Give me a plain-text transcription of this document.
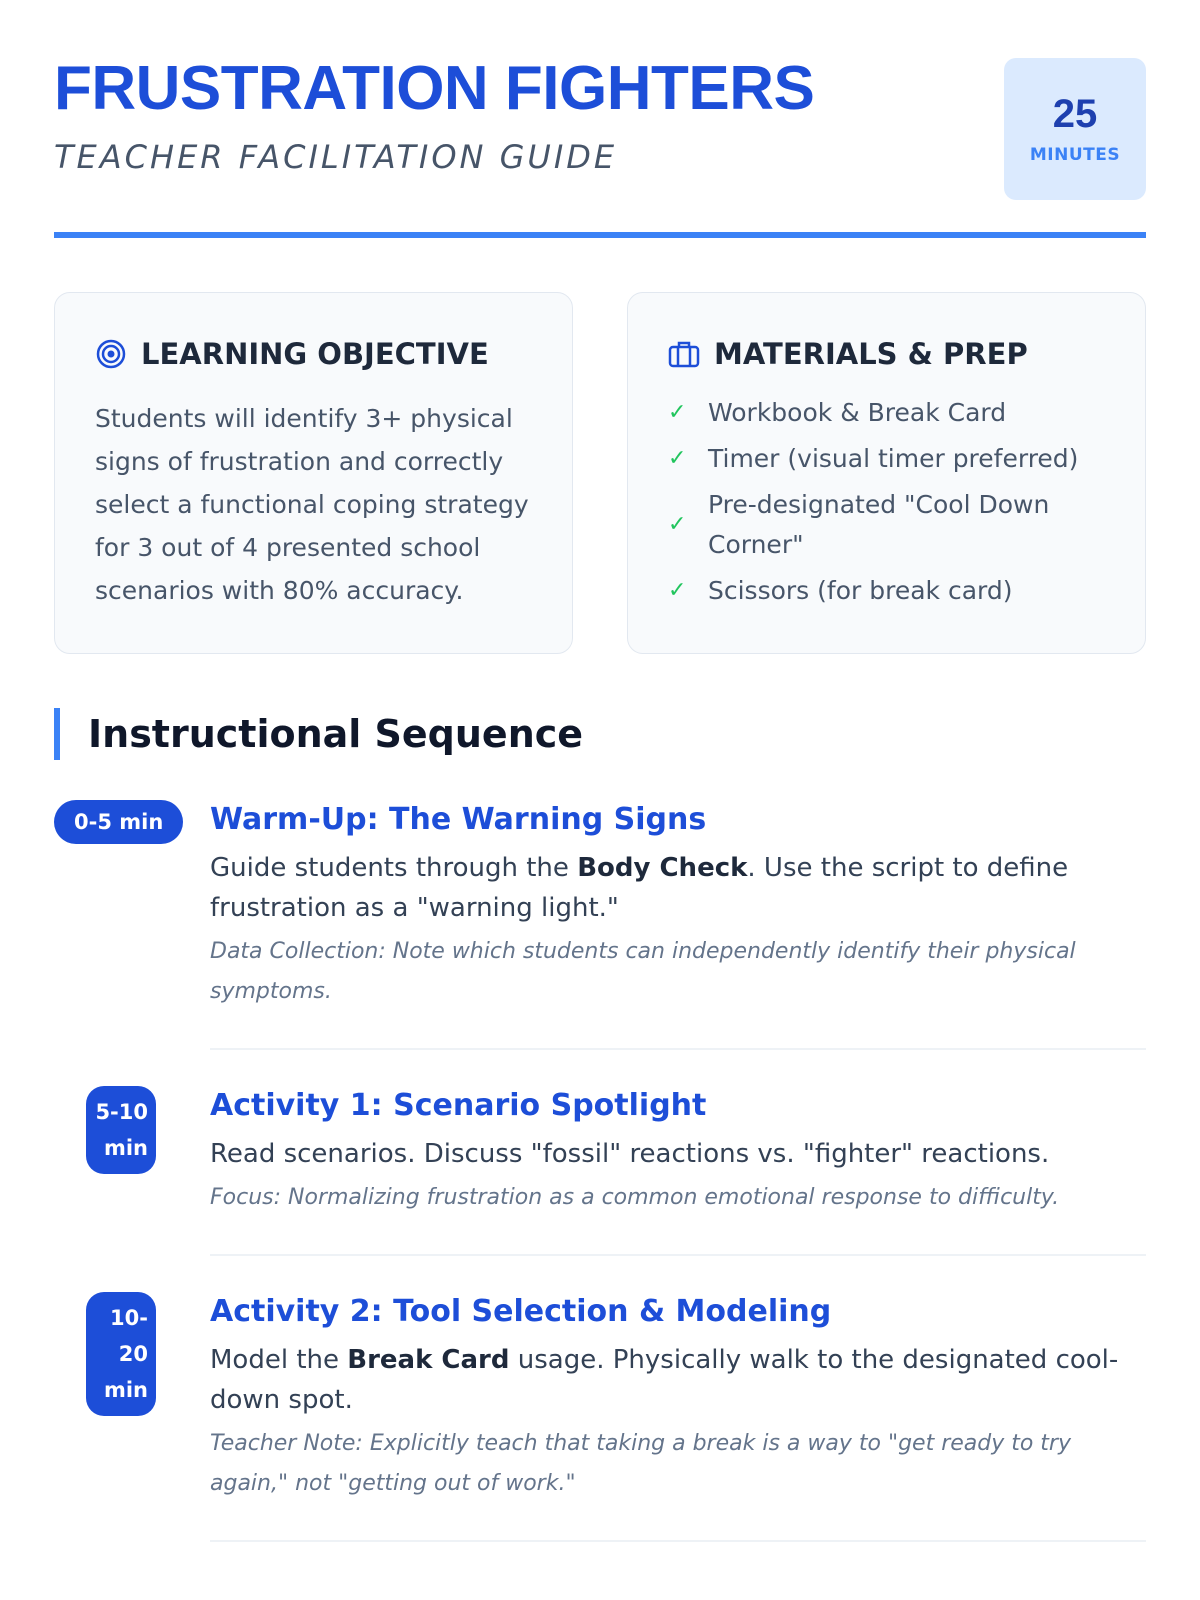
FRUSTRATION FIGHTERS
TEACHER FACILITATION GUIDE
25
MINUTES
LEARNING OBJECTIVE

Students will identify 3+ physical signs of frustration and correctly select a functional coping strategy for 3 out of 4 presented school scenarios with 80% accuracy.

MATERIALS & PREP
✓ Workbook & Break Card
✓ Timer (visual timer preferred)
✓
Pre-designated "Cool Down Corner"
✓ Scissors (for break card)
Instructional Sequence
0-5 min	Warm-Up: The Warning Signs

Guide students through the Body Check. Use the script to define frustration as a "warning light."

Data Collection: Note which students can independently identify their physical symptoms.

5-10 min
Activity 1: Scenario Spotlight

Read scenarios. Discuss "fossil" reactions vs. "fighter" reactions.

Focus: Normalizing frustration as a common emotional response to difficulty.

10-20 min
Activity 2: Tool Selection & Modeling

Model the Break Card usage. Physically walk to the designated cool-down spot.

Teacher Note: Explicitly teach that taking a break is a way to "get ready to try again," not "getting out of work."
